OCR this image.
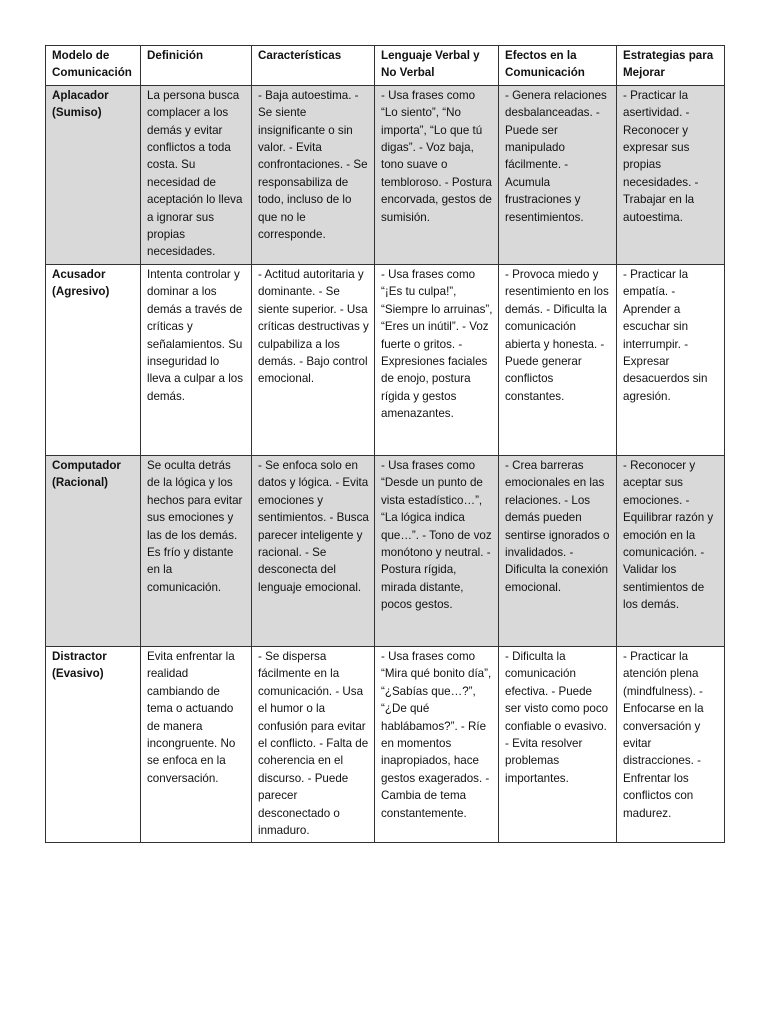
Modelo de Comunicación	Definición	Características	Lenguaje Verbal y No Verbal	Efectos en la Comunicación	Estrategias para Mejorar
Aplacador (Sumiso)	La persona busca complacer a los demás y evitar conflictos a toda costa. Su necesidad de aceptación lo lleva a ignorar sus propias necesidades.	- Baja autoestima. - Se siente insignificante o sin valor. - Evita confrontaciones. - Se responsabiliza de todo, incluso de lo que no le corresponde.	- Usa frases como “Lo siento”, “No importa”, “Lo que tú digas”. - Voz baja, tono suave o tembloroso. - Postura encorvada, gestos de sumisión.	- Genera relaciones desbalanceadas. - Puede ser manipulado fácilmente. - Acumula frustraciones y resentimientos.	- Practicar la asertividad. - Reconocer y expresar sus propias necesidades. - Trabajar en la autoestima.
Acusador (Agresivo)	Intenta controlar y dominar a los demás a través de críticas y señalamientos. Su inseguridad lo lleva a culpar a los demás.	- Actitud autoritaria y dominante. - Se siente superior. - Usa críticas destructivas y culpabiliza a los demás. - Bajo control emocional.	- Usa frases como “¡Es tu culpa!”, “Siempre lo arruinas”, “Eres un inútil”. - Voz fuerte o gritos. - Expresiones faciales de enojo, postura rígida y gestos amenazantes.	- Provoca miedo y resentimiento en los demás. - Dificulta la comunicación abierta y honesta. - Puede generar conflictos constantes.	- Practicar la empatía. - Aprender a escuchar sin interrumpir. - Expresar desacuerdos sin agresión.
Computador (Racional)	Se oculta detrás de la lógica y los hechos para evitar sus emociones y las de los demás. Es frío y distante en la comunicación.	- Se enfoca solo en datos y lógica. - Evita emociones y sentimientos. - Busca parecer inteligente y racional. - Se desconecta del lenguaje emocional.	- Usa frases como “Desde un punto de vista estadístico…”, “La lógica indica que…”. - Tono de voz monótono y neutral. - Postura rígida, mirada distante, pocos gestos.	- Crea barreras emocionales en las relaciones. - Los demás pueden sentirse ignorados o invalidados. - Dificulta la conexión emocional.	- Reconocer y aceptar sus emociones. - Equilibrar razón y emoción en la comunicación. - Validar los sentimientos de los demás.
Distractor (Evasivo)	Evita enfrentar la realidad cambiando de tema o actuando de manera incongruente. No se enfoca en la conversación.	- Se dispersa fácilmente en la comunicación. - Usa el humor o la confusión para evitar el conflicto. - Falta de coherencia en el discurso. - Puede parecer desconectado o inmaduro.	- Usa frases como “Mira qué bonito día”, “¿Sabías que…?”, “¿De qué hablábamos?”. - Ríe en momentos inapropiados, hace gestos exagerados. - Cambia de tema constantemente.	- Dificulta la comunicación efectiva. - Puede ser visto como poco confiable o evasivo. - Evita resolver problemas importantes.	- Practicar la atención plena (mindfulness). - Enfocarse en la conversación y evitar distracciones. - Enfrentar los conflictos con madurez.
